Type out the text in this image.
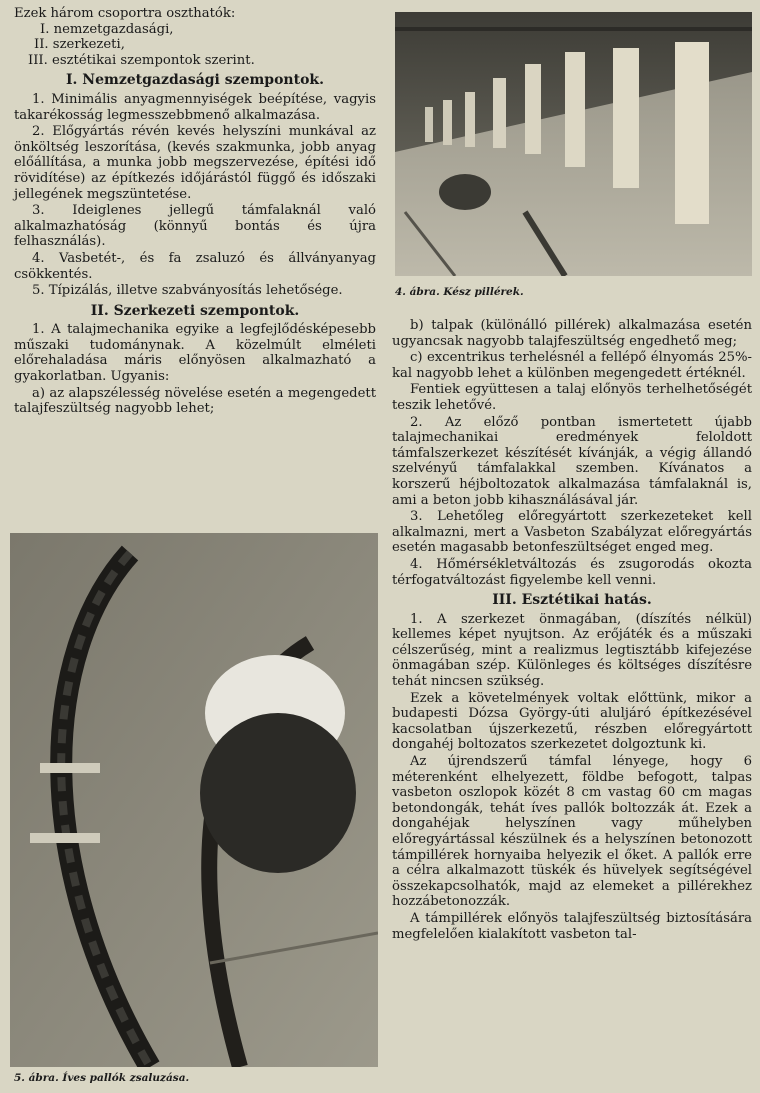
Ezek három csoportra oszthatók:

I. nemzetgazdasági,

II. szerkezeti,

III. esztétikai szempontok szerint.

I. Nemzetgazdasági szempontok.

1. Minimális anyagmennyiségek beépítése, vagyis takarékosság legmesszebbmenő alkalmazása.

2. Előgyártás révén kevés helyszíni munkával az önköltség leszorítása, (kevés szakmunka, jobb anyag előállítása, a munka jobb megszervezése, építési idő rövidítése) az építkezés időjárástól függő és időszaki jellegének megszüntetése.

3. Ideiglenes jellegű támfalaknál való alkalmazhatóság (könnyű bontás és újra felhasználás).

4. Vasbetét-, és fa zsaluzó és állványanyag csökkentés.

5. Típizálás, illetve szabványosítás lehetősége.

II. Szerkezeti szempontok.

1. A talajmechanika egyike a legfejlődésképesebb műszaki tudománynak. A közelmúlt elméleti előrehaladása máris előnyösen alkalmazható a gyakorlatban. Ugyanis:

a) az alapszélesség növelése esetén a megengedett talajfeszültség nagyobb lehet;

4. ábra. Kész pillérek.
5. ábra. Íves pallók zsaluzása.

b) talpak (különálló pillérek) alkalmazása esetén ugyancsak nagyobb talajfeszültség engedhető meg;

c) excentrikus terhelésnél a fellépő élnyomás 25%-kal nagyobb lehet a különben megengedett értéknél.

Fentiek együttesen a talaj előnyös terhelhetőségét teszik lehetővé.

2. Az előző pontban ismertetett újabb talajmechanikai eredmények feloldott támfalszerkezet készítését kívánják, a végig állandó szelvényű támfalakkal szemben. Kívánatos a korszerű héjboltozatok alkalmazása támfalaknál is, ami a beton jobb kihasználásával jár.

3. Lehetőleg előregyártott szerkezeteket kell alkalmazni, mert a Vasbeton Szabályzat előregyártás esetén magasabb betonfeszültséget enged meg.

4. Hőmérsékletváltozás és zsugorodás okozta térfogatváltozást figyelembe kell venni.

III. Esztétikai hatás.

1. A szerkezet önmagában, (díszítés nélkül) kellemes képet nyujtson. Az erőjáték és a műszaki célszerűség, mint a realizmus legtisztább kifejezése önmagában szép. Különleges és költséges díszítésre tehát nincsen szükség.

Ezek a követelmények voltak előttünk, mikor a budapesti Dózsa György-úti aluljáró építkezésével kacsolatban újszerkezetű, részben előregyártott dongahéj boltozatos szerkezetet dolgoztunk ki.

Az újrendszerű támfal lényege, hogy 6 méterenként elhelyezett, földbe befogott, talpas vasbeton oszlopok közét 8 cm vastag 60 cm magas betondongák, tehát íves pallók boltozzák át. Ezek a dongahéjak helyszínen vagy műhelyben előregyártással készülnek és a helyszínen betonozott támpillérek hornyaiba helyezik el őket. A pallók erre a célra alkalmazott tüskék és hüvelyek segítségével összekapcsolhatók, majd az elemeket a pillérekhez hozzábetonozzák.

A támpillérek előnyös talajfeszültség biztosítására megfelelően kialakított vasbeton tal-
